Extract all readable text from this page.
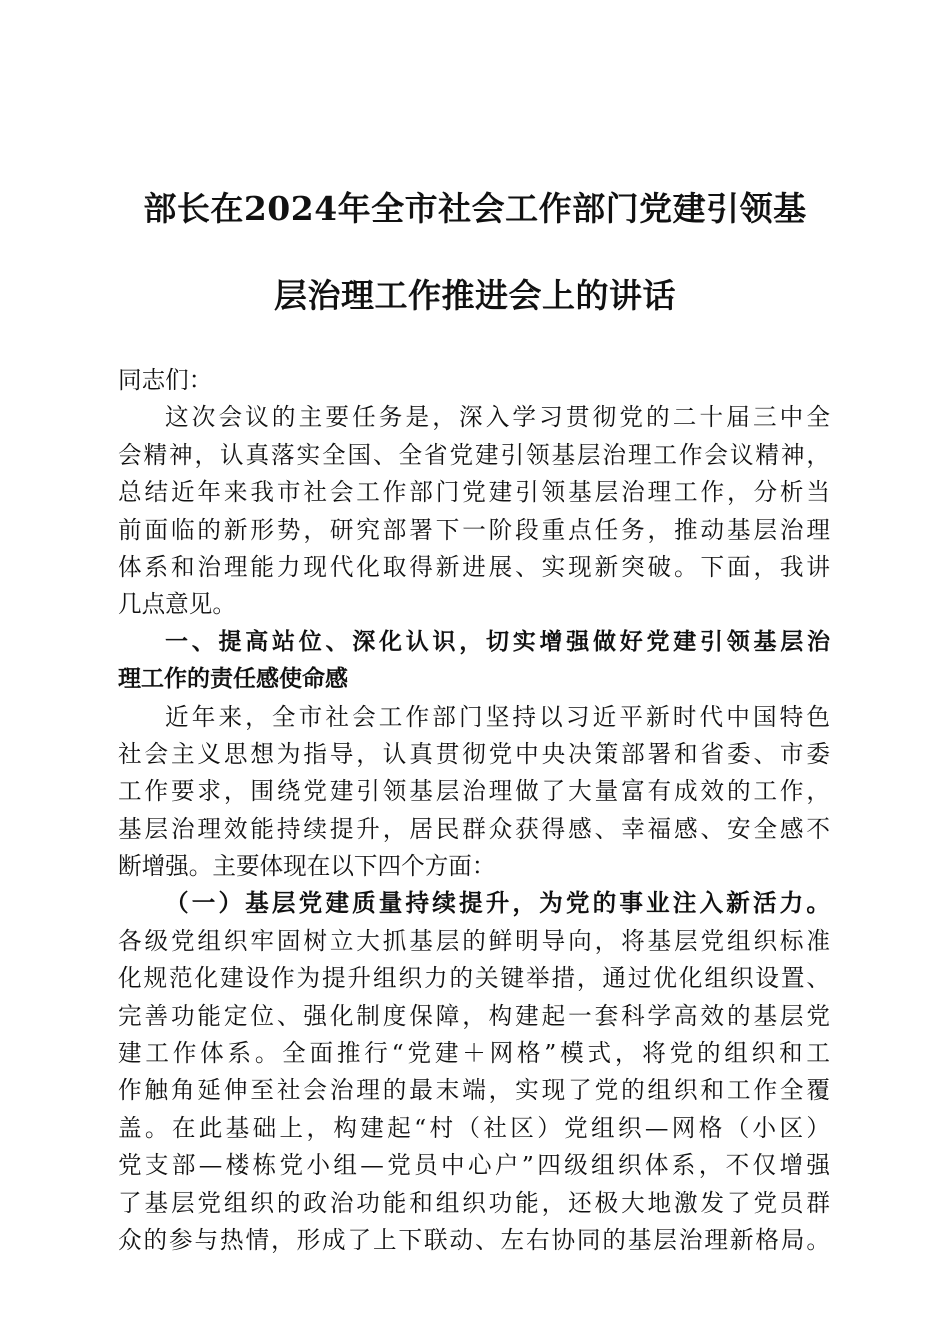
部长在2024年全市社会工作部门党建引领基
层治理工作推进会上的讲话
同志们：
这次会议的主要任务是，深入学习贯彻党的二十届三中全
会精神，认真落实全国、全省党建引领基层治理工作会议精神，
总结近年来我市社会工作部门党建引领基层治理工作，分析当
前面临的新形势，研究部署下一阶段重点任务，推动基层治理
体系和治理能力现代化取得新进展、实现新突破。下面，我讲
几点意见。
一、提高站位、深化认识，切实增强做好党建引领基层治
理工作的责任感使命感
近年来，全市社会工作部门坚持以习近平新时代中国特色
社会主义思想为指导，认真贯彻党中央决策部署和省委、市委
工作要求，围绕党建引领基层治理做了大量富有成效的工作，
基层治理效能持续提升，居民群众获得感、幸福感、安全感不
断增强。主要体现在以下四个方面：
（一）基层党建质量持续提升，为党的事业注入新活力。
各级党组织牢固树立大抓基层的鲜明导向，将基层党组织标准
化规范化建设作为提升组织力的关键举措，通过优化组织设置、
完善功能定位、强化制度保障，构建起一套科学高效的基层党
建工作体系。全面推行“党建＋网格”模式，将党的组织和工
作触角延伸至社会治理的最末端，实现了党的组织和工作全覆
盖。在此基础上，构建起“村（社区）党组织—网格（小区）
党支部—楼栋党小组—党员中心户”四级组织体系，不仅增强
了基层党组织的政治功能和组织功能，还极大地激发了党员群
众的参与热情，形成了上下联动、左右协同的基层治理新格局。
